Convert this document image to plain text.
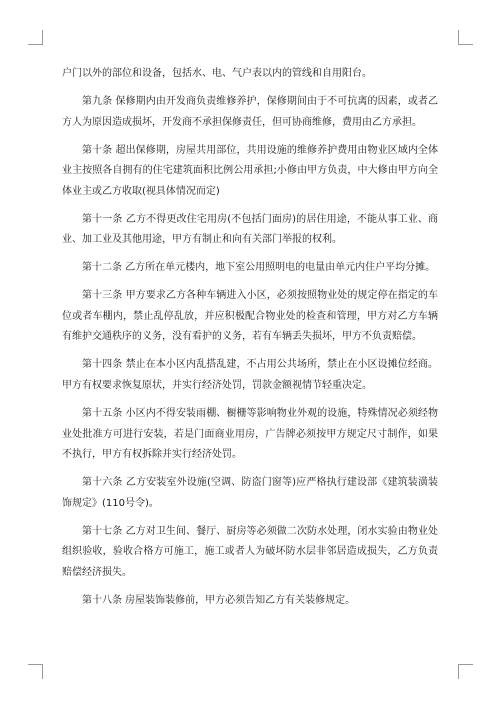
户门以外的部位和设备，包括水、电、气户表以内的管线和自用阳台。

第九条 保修期内由开发商负责维修养护，保修期间由于不可抗离的因素，或者乙方人为原因造成损坏，开发商不承担保修责任，但可协商维修，费用由乙方承担。

第十条 超出保修期，房屋共用部位，共用设施的维修养护费用由物业区域内全体业主按照各自拥有的住宅建筑面积比例公用承担;小修由甲方负责，中大修由甲方向全体业主或乙方收取(视具体情况而定)

第十一条 乙方不得更改住宅用房(不包括门面房)的居住用途，不能从事工业、商业、加工业及其他用途，甲方有制止和向有关部门举报的权利。

第十二条 乙方所在单元楼内，地下室公用照明电的电量由单元内住户平均分摊。

第十三条 甲方要求乙方各种车辆进入小区，必须按照物业处的规定停在指定的车位或者车棚内，禁止乱停乱放，并应积极配合物业处的检查和管理，甲方对乙方车辆有维护交通秩序的义务，没有看护的义务，若有车辆丢失损坏，甲方不负责赔偿。

第十四条 禁止在本小区内乱搭乱建，不占用公共场所，禁止在小区设摊位经商。甲方有权要求恢复原状，并实行经济处罚，罚款金额视情节轻重决定。

第十五条 小区内不得安装雨棚、橱栅等影响物业外观的设施，特殊情况必须经物业处批准方可进行安装，若是门面商业用房，广告牌必须按甲方规定尺寸制作，如果不执行，甲方有权拆除并实行经济处罚。

第十六条 乙方安装室外设施(空调、防盗门窗等)应严格执行建设部《建筑装潢装饰规定》(110号令)。

第十七条 乙方对卫生间、餐厅、厨房等必须做二次防水处理，闭水实验由物业处组织验收，验收合格方可施工，施工或者人为破坏防水层非邻居造成损失，乙方负责赔偿经济损失。

第十八条 房屋装饰装修前，甲方必须告知乙方有关装修规定。
